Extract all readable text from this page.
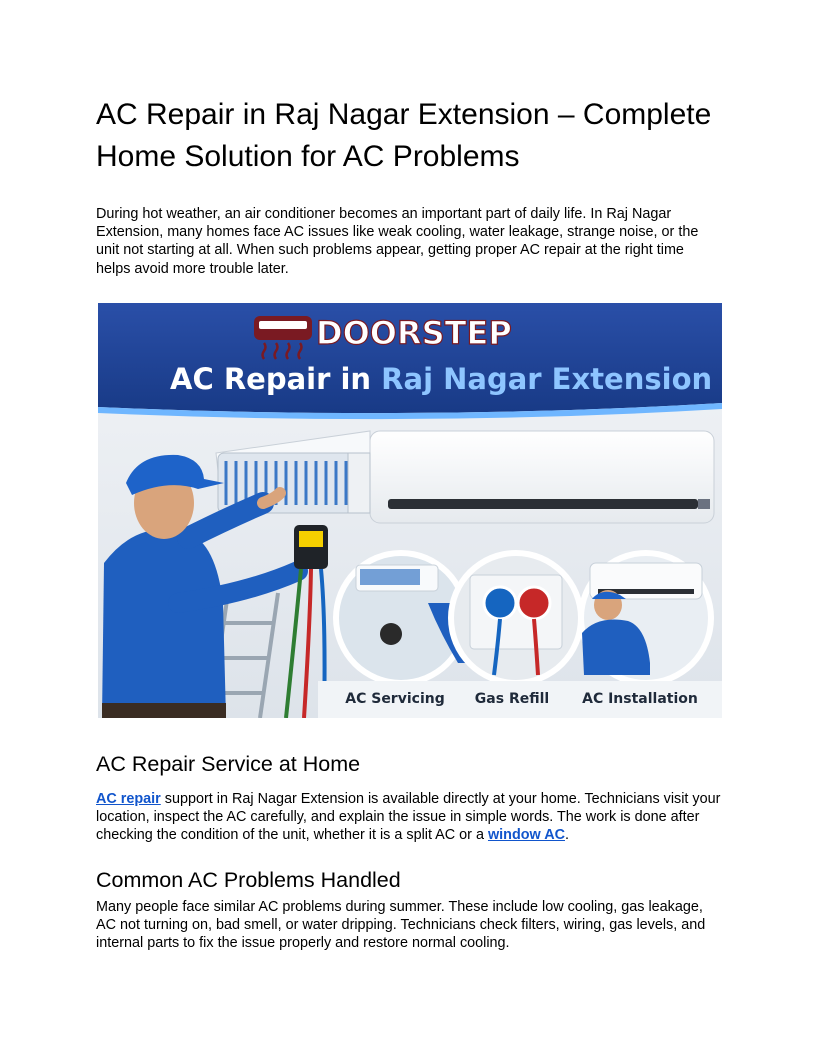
AC Repair in Raj Nagar Extension – Complete Home Solution for AC Problems

During hot weather, an air conditioner becomes an important part of daily life. In Raj Nagar Extension, many homes face AC issues like weak cooling, water leakage, strange noise, or the unit not starting at all. When such problems appear, getting proper AC repair at the right time helps avoid more trouble later.

DOORSTEP
AC Repair in Raj Nagar Extension
AC Servicing Gas Refill AC Installation
AC Repair Service at Home

AC repair support in Raj Nagar Extension is available directly at your home. Technicians visit your location, inspect the AC carefully, and explain the issue in simple words. The work is done after checking the condition of the unit, whether it is a split AC or a window AC.

Common AC Problems Handled

Many people face similar AC problems during summer. These include low cooling, gas leakage, AC not turning on, bad smell, or water dripping. Technicians check filters, wiring, gas levels, and internal parts to fix the issue properly and restore normal cooling.
